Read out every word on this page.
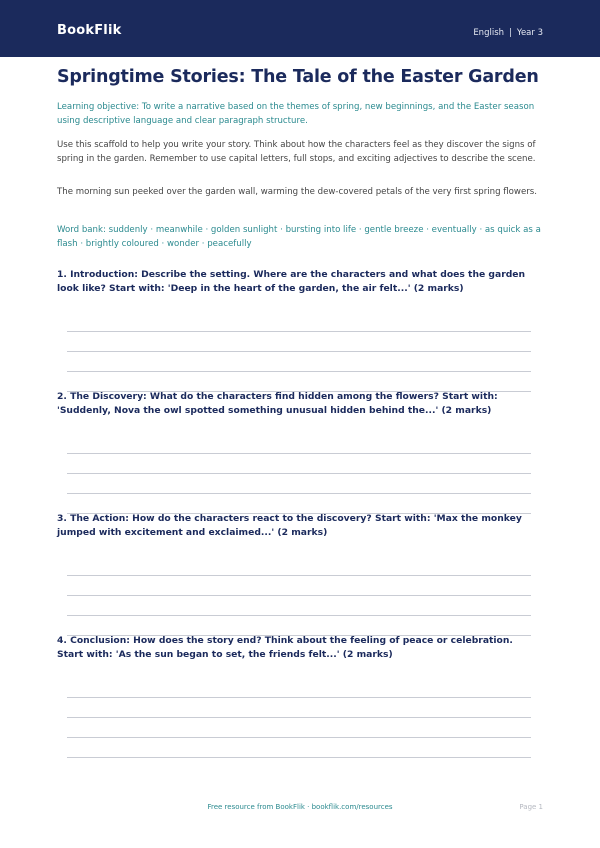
BookFlik	English | Year 3
Springtime Stories: The Tale of the Easter Garden

Learning objective: To write a narrative based on the themes of spring, new beginnings, and the Easter season using descriptive language and clear paragraph structure.

Use this scaffold to help you write your story. Think about how the characters feel as they discover the signs of spring in the garden. Remember to use capital letters, full stops, and exciting adjectives to describe the scene.

The morning sun peeked over the garden wall, warming the dew-covered petals of the very first spring flowers.

Word bank: suddenly · meanwhile · golden sunlight · bursting into life · gentle breeze · eventually · as quick as a flash · brightly coloured · wonder · peacefully

1. Introduction: Describe the setting. Where are the characters and what does the garden look like? Start with: 'Deep in the heart of the garden, the air felt...' (2 marks)

2. The Discovery: What do the characters find hidden among the flowers? Start with: 'Suddenly, Nova the owl spotted something unusual hidden behind the...' (2 marks)

3. The Action: How do the characters react to the discovery? Start with: 'Max the monkey jumped with excitement and exclaimed...' (2 marks)

4. Conclusion: How does the story end? Think about the feeling of peace or celebration. Start with: 'As the sun began to set, the friends felt...' (2 marks)

Free resource from BookFlik · bookflik.com/resources	Page 1
